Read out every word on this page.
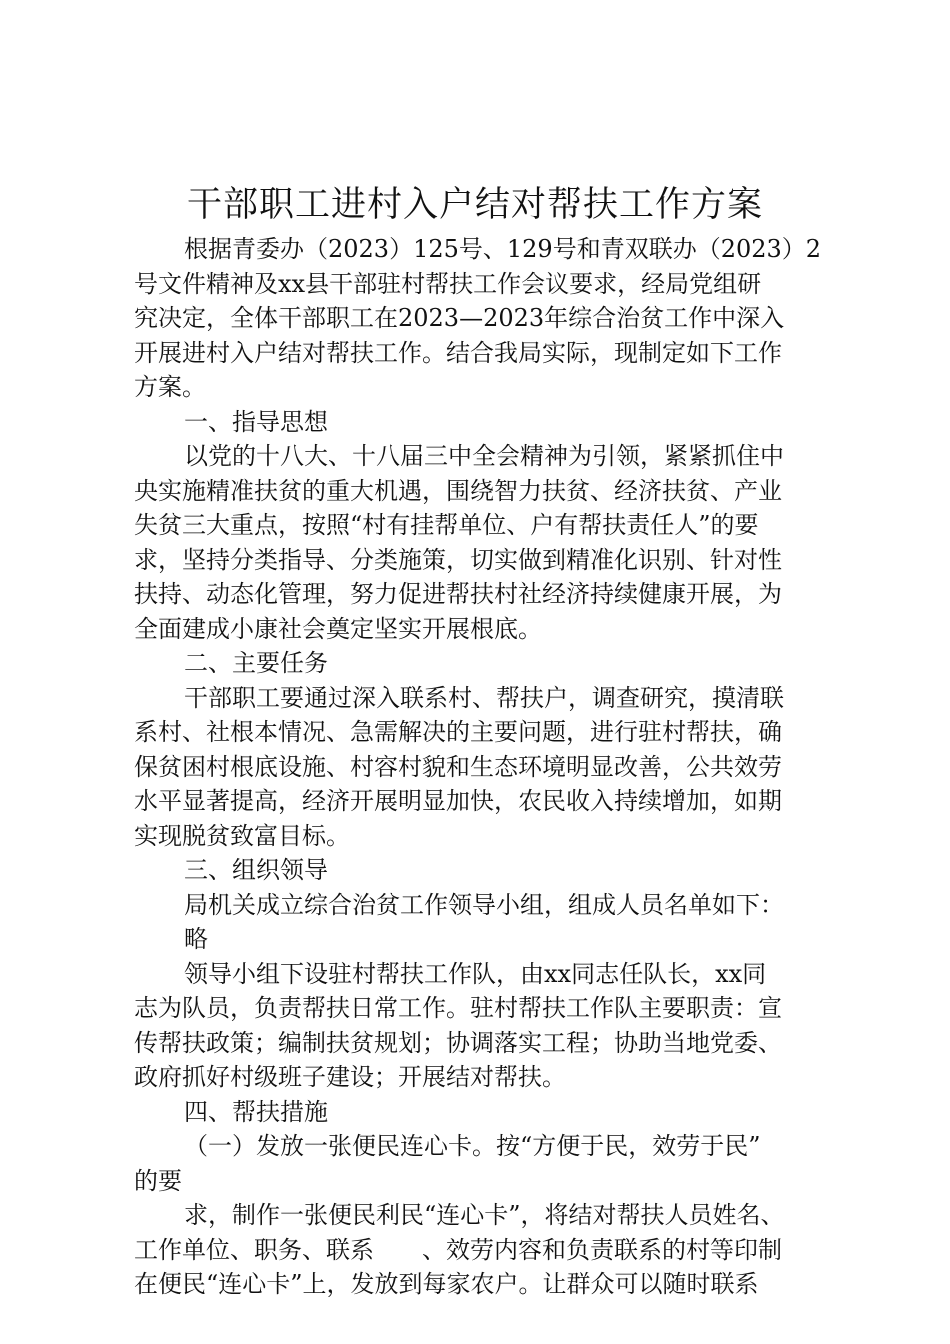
干部职工进村入户结对帮扶工作方案
根据青委办（2023）125号、129号和青双联办（2023）2
号文件精神及xx县干部驻村帮扶工作会议要求，经局党组研
究决定，全体干部职工在2023—2023年综合治贫工作中深入
开展进村入户结对帮扶工作。结合我局实际，现制定如下工作
方案。
一、指导思想
以党的十八大、十八届三中全会精神为引领，紧紧抓住中
央实施精准扶贫的重大机遇，围绕智力扶贫、经济扶贫、产业
失贫三大重点，按照“村有挂帮单位、户有帮扶责任人”的要
求，坚持分类指导、分类施策，切实做到精准化识别、针对性
扶持、动态化管理，努力促进帮扶村社经济持续健康开展，为
全面建成小康社会奠定坚实开展根底。
二、主要任务
干部职工要通过深入联系村、帮扶户，调查研究，摸清联
系村、社根本情况、急需解决的主要问题，进行驻村帮扶，确
保贫困村根底设施、村容村貌和生态环境明显改善，公共效劳
水平显著提高，经济开展明显加快，农民收入持续增加，如期
实现脱贫致富目标。
三、组织领导
局机关成立综合治贫工作领导小组，组成人员名单如下：
略
领导小组下设驻村帮扶工作队，由xx同志任队长，xx同
志为队员，负责帮扶日常工作。驻村帮扶工作队主要职责：宣
传帮扶政策；编制扶贫规划；协调落实工程；协助当地党委、
政府抓好村级班子建设；开展结对帮扶。
四、帮扶措施
（一）发放一张便民连心卡。按“方便于民，效劳于民”
的要
求，制作一张便民利民“连心卡”，将结对帮扶人员姓名、
工作单位、职务、联系　　、效劳内容和负责联系的村等印制
在便民“连心卡”上，发放到每家农户。让群众可以随时联系
